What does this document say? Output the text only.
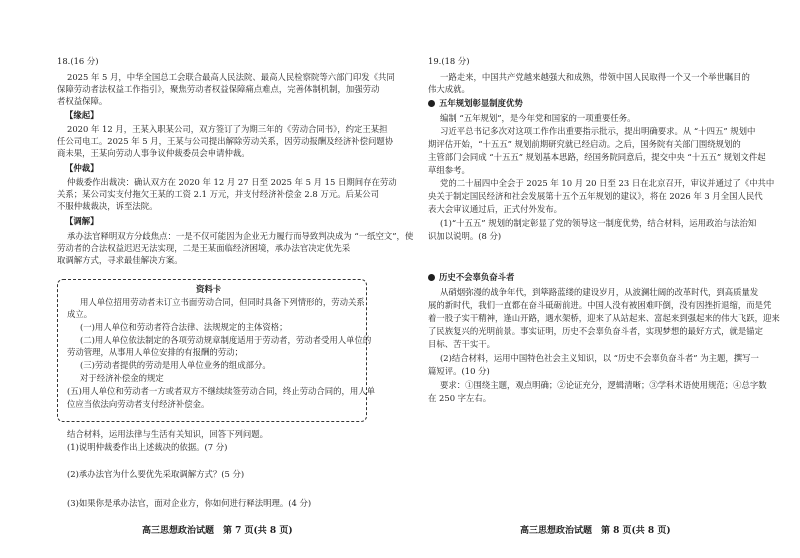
18.(16 分)
2025 年 5 月，中华全国总工会联合最高人民法院、最高人民检察院等六部门印发《共同
保障劳动者法权益工作指引》，聚焦劳动者权益保障痛点难点，完善体制机制，加强劳动
者权益保障。
【缘起】
2020 年 12 月，王某入职某公司，双方签订了为期三年的《劳动合同书》，约定王某担
任公司电工。2025 年 5 月，王某与公司提出解除劳动关系，因劳动报酬及经济补偿问题协
商未果，王某向劳动人事争议仲裁委员会申请仲裁。
【仲裁】
仲裁委作出裁决：确认双方在 2020 年 12 月 27 日至 2025 年 5 月 15 日期间存在劳动
关系；某公司实支付拖欠王某的工资 2.1 万元，并支付经济补偿金 2.8 万元。后某公司
不服仲裁裁决，诉至法院。
【调解】
承办法官释明双方分歧焦点：一是不仅可能因为企业无力履行而导致判决成为 “一纸空文”，使
劳动者的合法权益迟迟无法实现，二是王某面临经济困境，承办法官决定优先采
取调解方式，寻求最佳解决方案。
资料卡
用人单位招用劳动者未订立书面劳动合同，但同时具备下列情形的，劳动关系
成立。
(一)用人单位和劳动者符合法律、法规规定的主体资格；
(二)用人单位依法制定的各项劳动规章制度适用于劳动者，劳动者受用人单位的
劳动管理，从事用人单位安排的有报酬的劳动；
(三)劳动者提供的劳动是用人单位业务的组成部分。
对于经济补偿金的规定
(五)用人单位和劳动者一方或者双方不继续续签劳动合同，终止劳动合同的，用人单
位应当依法向劳动者支付经济补偿金。
结合材料，运用法律与生活有关知识，回答下列问题。
(1)说明仲裁委作出上述裁决的依据。(7 分)
(2)承办法官为什么要优先采取调解方式？(5 分)
(3)如果你是承办法官，面对企业方，你如何进行释法明理。(4 分)
高三思想政治试题　第 7 页(共 8 页)
19.(18 分)
一路走来，中国共产党越来越强大和成熟，带领中国人民取得一个又一个举世瞩目的
伟大成就。
五年规划彰显制度优势
编制 “五年规划”，是今年党和国家的一项重要任务。
习近平总书记多次对这项工作作出重要指示批示，提出明确要求。从 “十四五” 规划中
期评估开始，“十五五” 规划前期研究就已经启动。之后，国务院有关部门围绕规划的
主管部门会同成 “十五五” 规划基本思路，经国务院同意后，提交中央 “十五五” 规划文件起
草组参考。
党的二十届四中全会于 2025 年 10 月 20 日至 23 日在北京召开，审议并通过了《中共中
央关于制定国民经济和社会发展第十五个五年规划的建议》，将在 2026 年 3 月全国人民代
表大会审议通过后，正式付外发布。
(1)“十五五” 规划的制定彰显了党的领导这一制度优势，结合材料，运用政治与法治知
识加以说明。(8 分)
历史不会辜负奋斗者
从硝烟弥漫的战争年代，到筚路蓝缕的建设岁月，从波澜壮阔的改革时代，到高质量发
展的新时代，我们一直都在奋斗砥砺前进。中国人没有被困难吓倒，没有因挫折退缩，而是凭
着一股子实干精神，逢山开路，遇水架桥，迎来了从站起来、富起来到强起来的伟大飞跃，迎来
了民族复兴的光明前景。事实证明，历史不会辜负奋斗者，实现梦想的最好方式，就是锚定
目标、苦干实干。
(2)结合材料，运用中国特色社会主义知识，以 “历史不会辜负奋斗者” 为主题，撰写一
篇短评。(10 分)
要求：①围绕主题，观点明确；②论证充分，逻辑清晰；③学科术语使用规范；④总字数
在 250 字左右。
高三思想政治试题　第 8 页(共 8 页)
